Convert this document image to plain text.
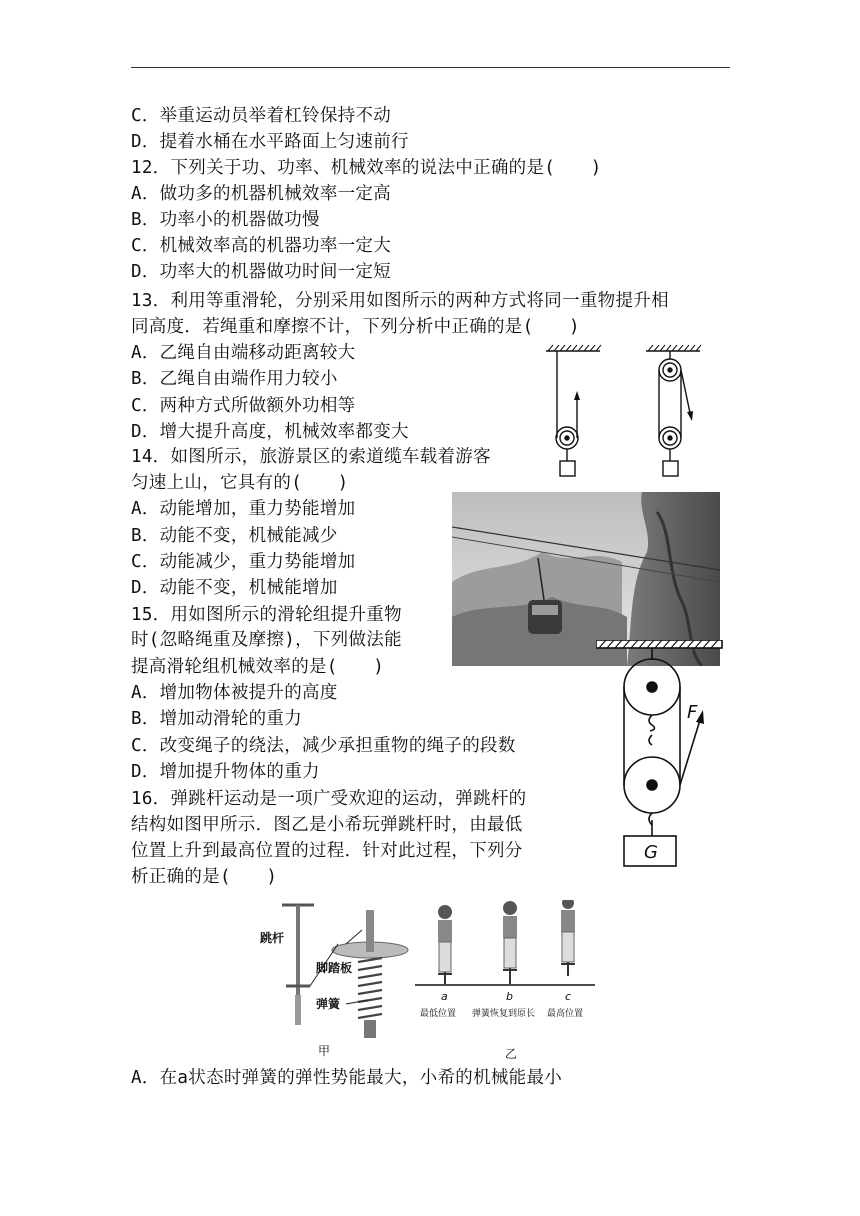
C．举重运动员举着杠铃保持不动
D．提着水桶在水平路面上匀速前行
12．下列关于功、功率、机械效率的说法中正确的是(　　)
A．做功多的机器机械效率一定高
B．功率小的机器做功慢
C．机械效率高的机器功率一定大
D．功率大的机器做功时间一定短
13．利用等重滑轮，分别采用如图所示的两种方式将同一重物提升相
同高度．若绳重和摩擦不计，下列分析中正确的是(　　)
A．乙绳自由端移动距离较大
B．乙绳自由端作用力较小
C．两种方式所做额外功相等
D．增大提升高度，机械效率都变大
14．如图所示，旅游景区的索道缆车载着游客
匀速上山，它具有的(　　)
A．动能增加，重力势能增加
B．动能不变，机械能减少
C．动能减少，重力势能增加
D．动能不变，机械能增加
15．用如图所示的滑轮组提升重物
时(忽略绳重及摩擦)，下列做法能
提高滑轮组机械效率的是(　　)
A．增加物体被提升的高度
B．增加动滑轮的重力
C．改变绳子的绕法，减少承担重物的绳子的段数
D．增加提升物体的重力
16．弹跳杆运动是一项广受欢迎的运动，弹跳杆的
结构如图甲所示．图乙是小希玩弹跳杆时，由最低
位置上升到最高位置的过程．针对此过程，下列分
析正确的是(　　)
A．在a状态时弹簧的弹性势能最大，小希的机械能最小
F
G
跳杆
脚踏板
弹簧
甲
a	b	c
最低位置 弹簧恢复到原长 最高位置
乙
